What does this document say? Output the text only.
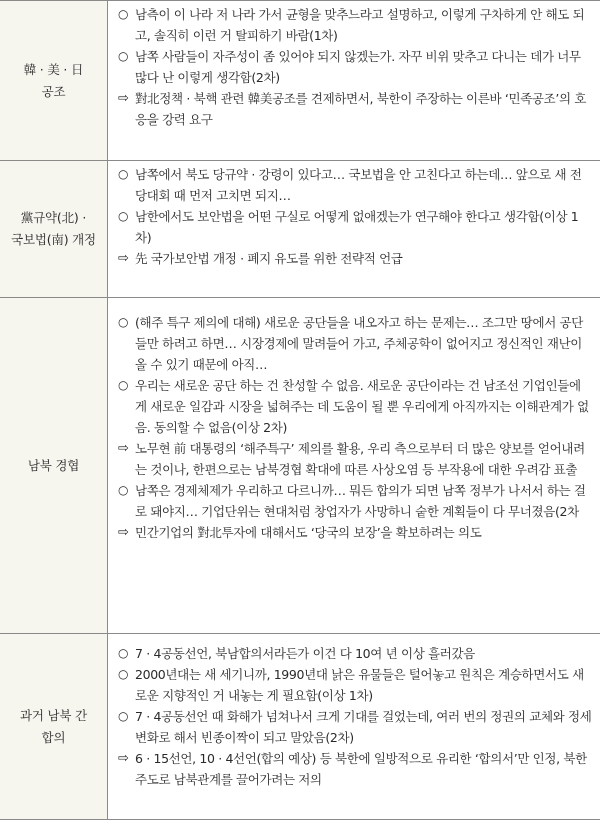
韓 · 美 · 日
공조

○ 남측이 이 나라 저 나라 가서 균형을 맞추느라고 설명하고, 이렇게 구차하게 안 해도 되고, 솔직히 이런 거 탈피하기 바람(1차)

○ 남쪽 사람들이 자주성이 좀 있어야 되지 않겠는가. 자꾸 비위 맞추고 다니는 데가 너무 많다 난 이렇게 생각함(2차)

⇨ 對北정책 · 북핵 관련 韓美공조를 견제하면서, 북한이 주장하는 이른바 ‘민족공조’의 호응을 강력 요구

黨규약(北) ·
국보법(南) 개정

○ 남쪽에서 북도 당규약 · 강령이 있다고… 국보법을 안 고친다고 하는데… 앞으로 새 전당대회 때 먼저 고치면 되지…

○ 남한에서도 보안법을 어떤 구실로 어떻게 없애겠는가 연구해야 한다고 생각함(이상 1차)

⇨ 先 국가보안법 개정 · 폐지 유도를 위한 전략적 언급

남북 경협

○ (해주 특구 제의에 대해) 새로운 공단들을 내오자고 하는 문제는… 조그만 땅에서 공단들만 하려고 하면… 시장경제에 말려들어 가고, 주체공학이 없어지고 정신적인 재난이 올 수 있기 때문에 아직…

○ 우리는 새로운 공단 하는 건 찬성할 수 없음. 새로운 공단이라는 건 남조선 기업인들에게 새로운 일감과 시장을 넓혀주는 데 도움이 될 뿐 우리에게 아직까지는 이해관계가 없음. 동의할 수 없음(이상 2차)

⇨ 노무현 前 대통령의 ‘해주특구’ 제의를 활용, 우리 측으로부터 더 많은 양보를 얻어내려는 것이나, 한편으로는 남북경협 확대에 따른 사상오염 등 부작용에 대한 우려감 표출

○ 남쪽은 경제체제가 우리하고 다르니까… 뭐든 합의가 되면 남쪽 정부가 나서서 하는 걸로 돼야지… 기업단위는 현대처럼 창업자가 사망하니 숱한 계획들이 다 무너졌음(2차

⇨ 민간기업의 對北투자에 대해서도 ‘당국의 보장’을 확보하려는 의도

과거 남북 간
합의

○ 7 · 4공동선언, 북남합의서라든가 이건 다 10여 년 이상 흘러갔음

○ 2000년대는 새 세기니까, 1990년대 낡은 유물들은 털어놓고 원칙은 계승하면서도 새로운 지향적인 거 내놓는 게 필요함(이상 1차)

○ 7 · 4공동선언 때 화해가 넘쳐나서 크게 기대를 걸었는데, 여러 번의 정권의 교체와 정세변화로 해서 빈종이짝이 되고 말았음(2차)

⇨ 6 · 15선언, 10 · 4선언(합의 예상) 등 북한에 일방적으로 유리한 ‘합의서’만 인정, 북한 주도로 남북관계를 끌어가려는 저의
